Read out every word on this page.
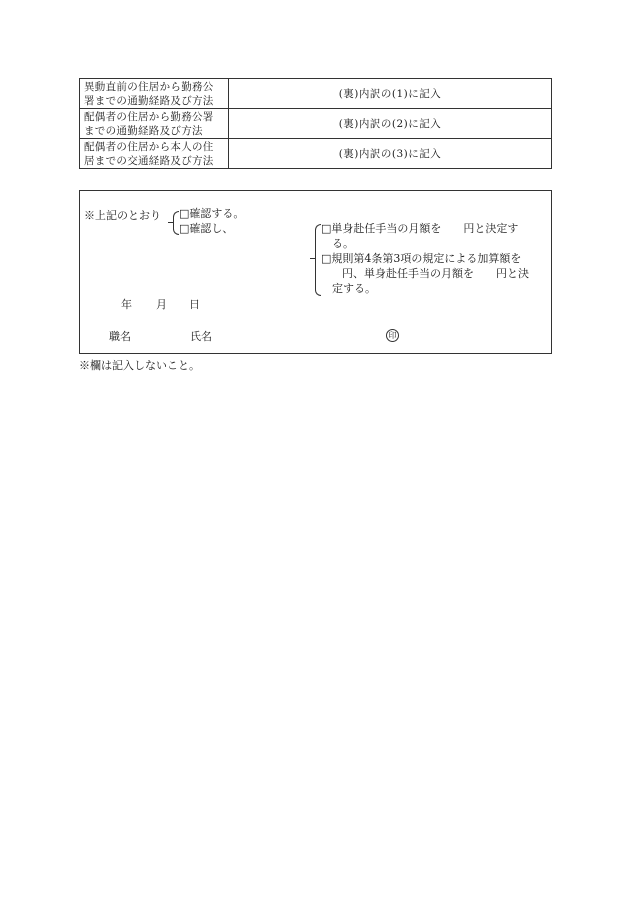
異動直前の住居から勤務公
署までの通勤経路及び方法	(裏)内訳の(1)に記入

配偶者の住居から勤務公署
までの通勤経路及び方法	(裏)内訳の(2)に記入

配偶者の住居から本人の住
居までの交通経路及び方法	(裏)内訳の(3)に記入
※上記のとおり □確認する。
□確認し、	□単身赴任手当の月額を　　円と決定す
る。
□規則第4条第3項の規定による加算額を
円、単身赴任手当の月額を　　円と決
定する。
年 月 日
職名	氏名	印
※欄は記入しないこと。
